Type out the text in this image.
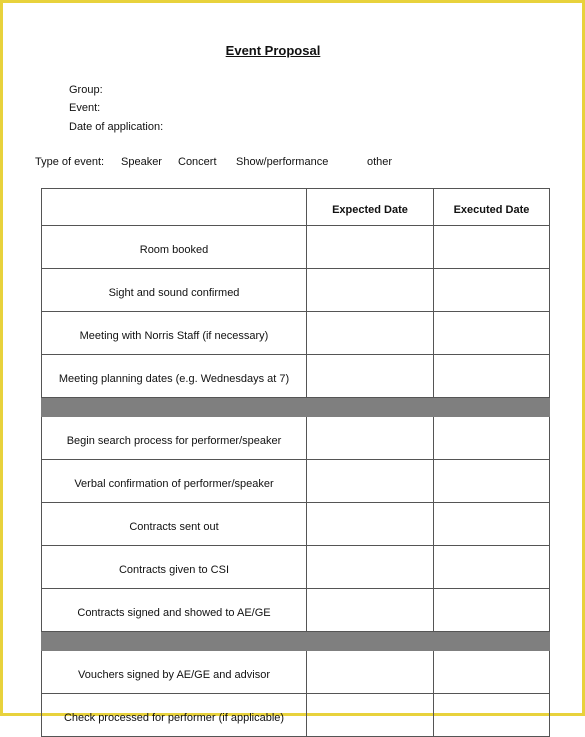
Event Proposal
Group:
Event:
Date of application:
Type of event: Speaker Concert Show/performance	other
	Expected Date	Executed Date
Room booked		
Sight and sound confirmed		
Meeting with Norris Staff (if necessary)		
Meeting planning dates (e.g. Wednesdays at 7)		

Begin search process for performer/speaker		
Verbal confirmation of performer/speaker		
Contracts sent out		
Contracts given to CSI		
Contracts signed and showed to AE/GE		

Vouchers signed by AE/GE and advisor		
Check processed for performer (if applicable)		
